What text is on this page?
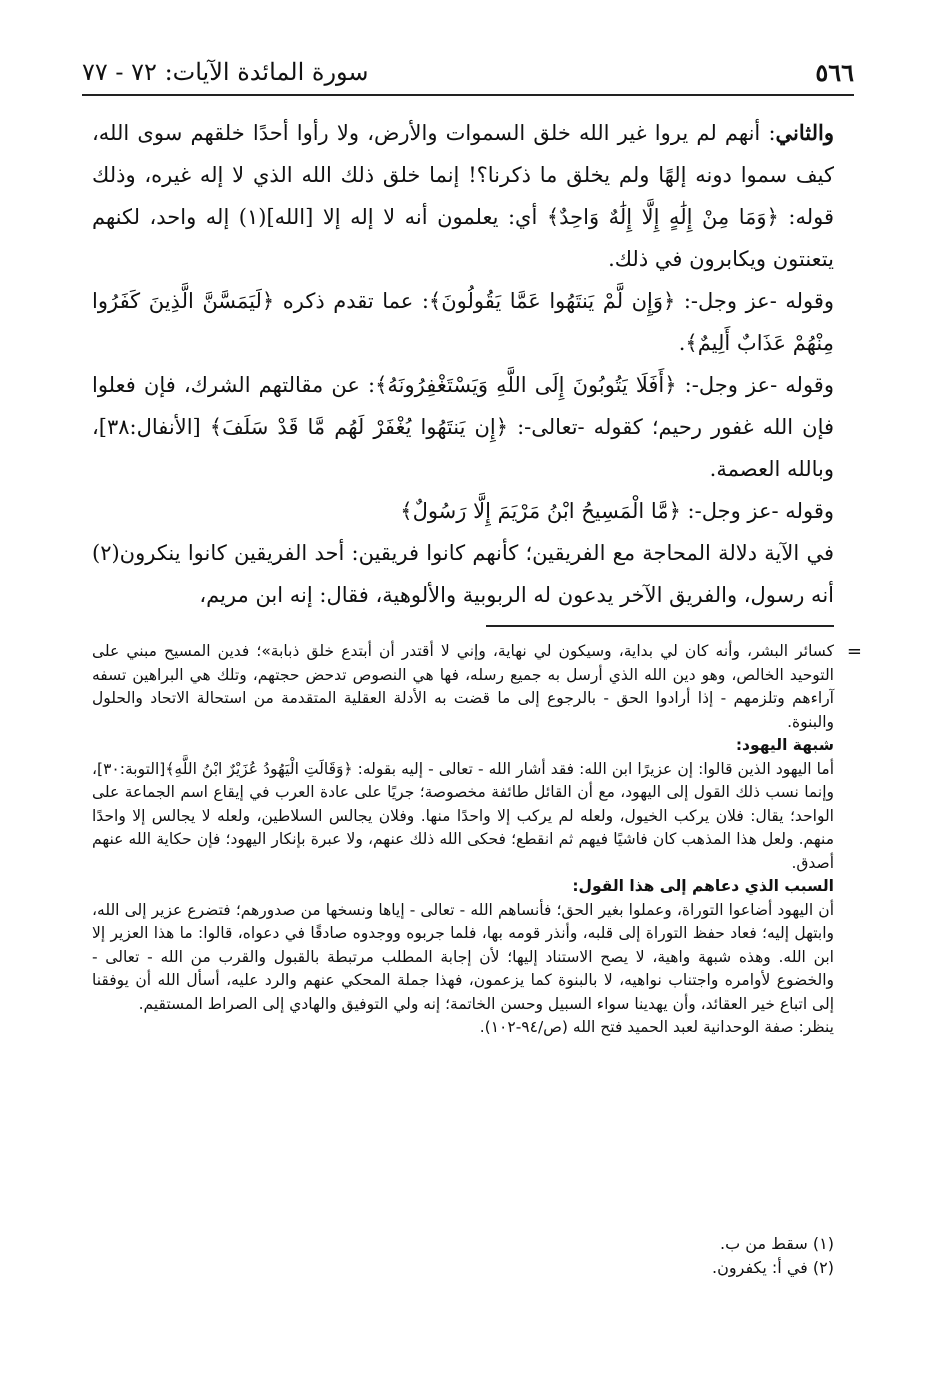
٥٦٦
سورة المائدة الآيات: ٧٢ - ٧٧

والثاني: أنهم لم يروا غير الله خلق السموات والأرض، ولا رأوا أحدًا خلقهم سوى الله، كيف سموا دونه إلهًا ولم يخلق ما ذكرنا؟! إنما خلق ذلك الله الذي لا إله غيره، وذلك قوله: ﴿وَمَا مِنْ إِلَٰهٍ إِلَّا إِلَٰهٌ وَاحِدٌ﴾ أي: يعلمون أنه لا إله إلا [الله](١) إله واحد، لكنهم يتعنتون ويكابرون في ذلك.

وقوله -عز وجل-: ﴿وَإِن لَّمْ يَنتَهُوا عَمَّا يَقُولُونَ﴾: عما تقدم ذكره ﴿لَيَمَسَّنَّ الَّذِينَ كَفَرُوا مِنْهُمْ عَذَابٌ أَلِيمٌ﴾.

وقوله -عز وجل-: ﴿أَفَلَا يَتُوبُونَ إِلَى اللَّهِ وَيَسْتَغْفِرُونَهُ﴾: عن مقالتهم الشرك، فإن فعلوا فإن الله غفور رحيم؛ كقوله -تعالى-: ﴿إِن يَنتَهُوا يُغْفَرْ لَهُم مَّا قَدْ سَلَفَ﴾ [الأنفال:٣٨]، وبالله العصمة.

وقوله -عز وجل-: ﴿مَّا الْمَسِيحُ ابْنُ مَرْيَمَ إِلَّا رَسُولٌ﴾

في الآية دلالة المحاجة مع الفريقين؛ كأنهم كانوا فريقين: أحد الفريقين كانوا ينكرون(٢) أنه رسول، والفريق الآخر يدعون له الربوبية والألوهية، فقال: إنه ابن مريم،

=

كسائر البشر، وأنه كان لي بداية، وسيكون لي نهاية، وإني لا أقتدر أن أبتدع خلق ذبابة»؛ فدين المسيح مبني على التوحيد الخالص، وهو دين الله الذي أرسل به جميع رسله، فها هي النصوص تدحض حجتهم، وتلك هي البراهين تسفه آراءهم وتلزمهم - إذا أرادوا الحق - بالرجوع إلى ما قضت به الأدلة العقلية المتقدمة من استحالة الاتحاد والحلول والبنوة.

شبهة اليهود:

أما اليهود الذين قالوا: إن عزيرًا ابن الله: فقد أشار الله - تعالى - إليه بقوله: ﴿وَقَالَتِ الْيَهُودُ عُزَيْرٌ ابْنُ اللَّهِ﴾[التوبة:٣٠]، وإنما نسب ذلك القول إلى اليهود، مع أن القائل طائفة مخصوصة؛ جريًا على عادة العرب في إيقاع اسم الجماعة على الواحد؛ يقال: فلان يركب الخيول، ولعله لم يركب إلا واحدًا منها. وفلان يجالس السلاطين، ولعله لا يجالس إلا واحدًا منهم. ولعل هذا المذهب كان فاشيًا فيهم ثم انقطع؛ فحكى الله ذلك عنهم، ولا عبرة بإنكار اليهود؛ فإن حكاية الله عنهم أصدق.

السبب الذي دعاهم إلى هذا القول:

أن اليهود أضاعوا التوراة، وعملوا بغير الحق؛ فأنساهم الله - تعالى - إياها ونسخها من صدورهم؛ فتضرع عزير إلى الله، وابتهل إليه؛ فعاد حفظ التوراة إلى قلبه، وأنذر قومه بها، فلما جربوه ووجدوه صادقًا في دعواه، قالوا: ما هذا العزير إلا ابن الله. وهذه شبهة واهية، لا يصح الاستناد إليها؛ لأن إجابة المطلب مرتبطة بالقبول والقرب من الله - تعالى - والخضوع لأوامره واجتناب نواهيه، لا بالبنوة كما يزعمون، فهذا جملة المحكي عنهم والرد عليه، أسأل الله أن يوفقنا إلى اتباع خير العقائد، وأن يهدينا سواء السبيل وحسن الخاتمة؛ إنه ولي التوفيق والهادي إلى الصراط المستقيم.

ينظر: صفة الوحدانية لعبد الحميد فتح الله (ص/٩٤-١٠٢).

(١) سقط من ب.
(٢) في أ: يكفرون.
